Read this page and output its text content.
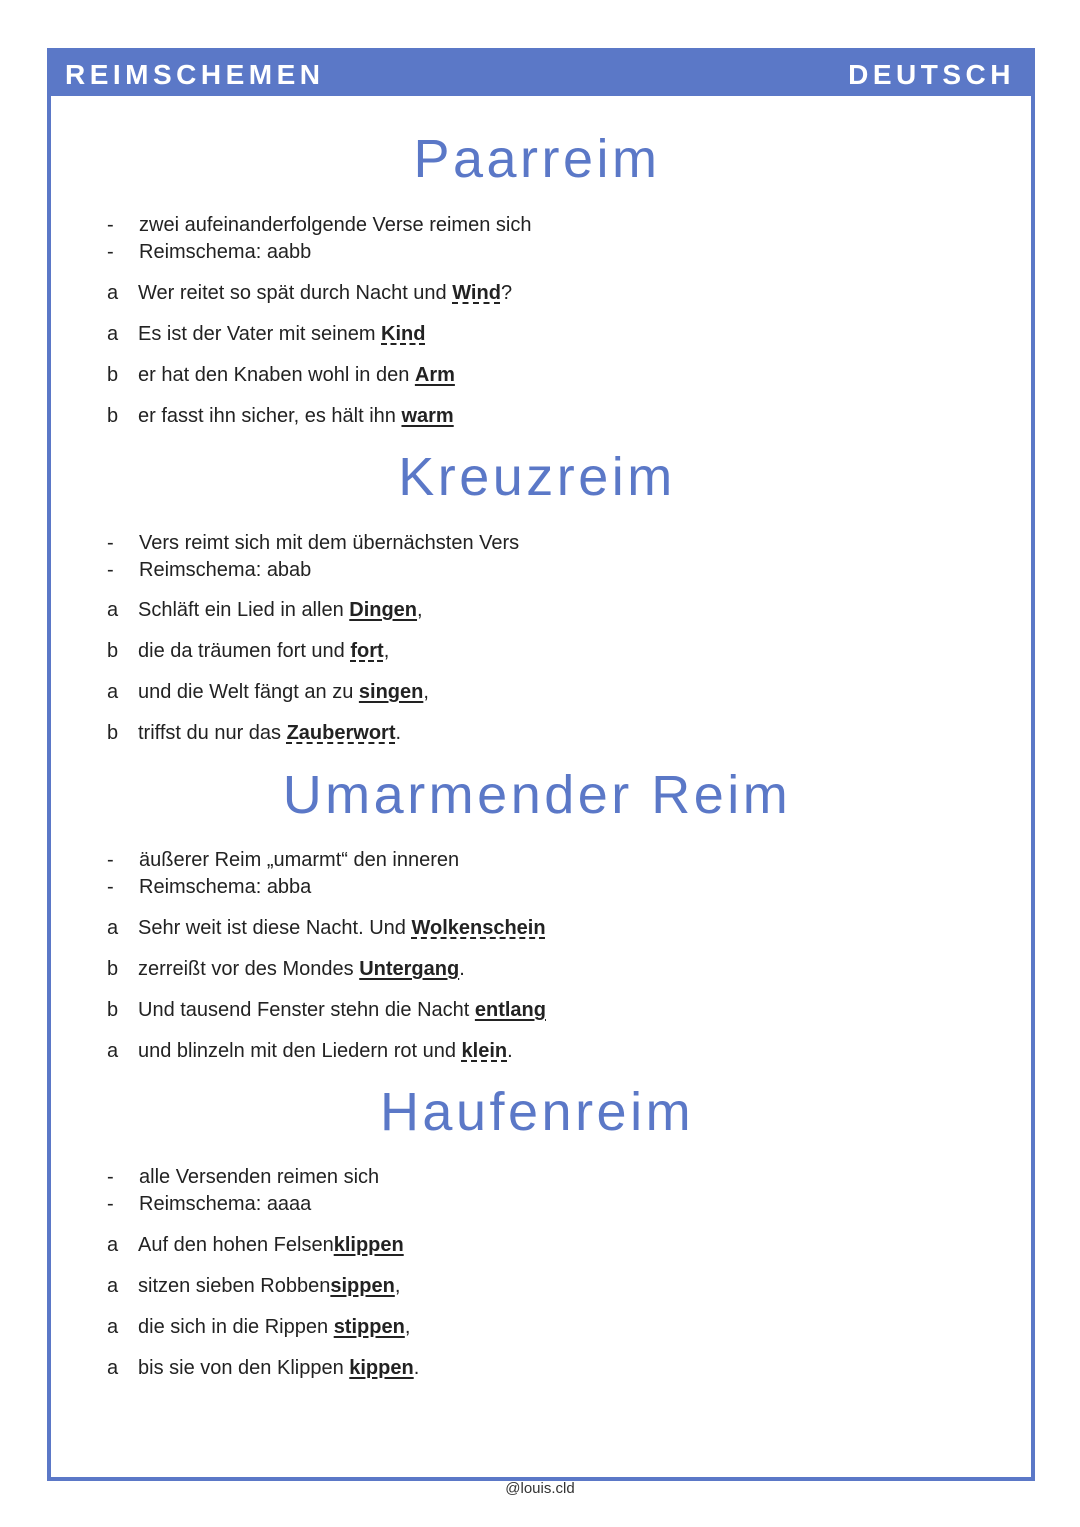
REIMSCHEMEN	DEUTSCH
Paarreim
- zwei aufeinanderfolgende Verse reimen sich
- Reimschema: aabb
a Wer reitet so spät durch Nacht und Wind?
a Es ist der Vater mit seinem Kind
b er hat den Knaben wohl in den Arm
b er fasst ihn sicher, es hält ihn warm
Kreuzreim
- Vers reimt sich mit dem übernächsten Vers
- Reimschema: abab
a Schläft ein Lied in allen Dingen,
b die da träumen fort und fort,
a und die Welt fängt an zu singen,
b triffst du nur das Zauberwort.
Umarmender Reim
- äußerer Reim „umarmt“ den inneren
- Reimschema: abba
a Sehr weit ist diese Nacht. Und Wolkenschein
b zerreißt vor des Mondes Untergang.
b Und tausend Fenster stehn die Nacht entlang
a und blinzeln mit den Liedern rot und klein.
Haufenreim
- alle Versenden reimen sich
- Reimschema: aaaa
a Auf den hohen Felsenklippen
a sitzen sieben Robbensippen,
a die sich in die Rippen stippen,
a bis sie von den Klippen kippen.
@louis.cld
